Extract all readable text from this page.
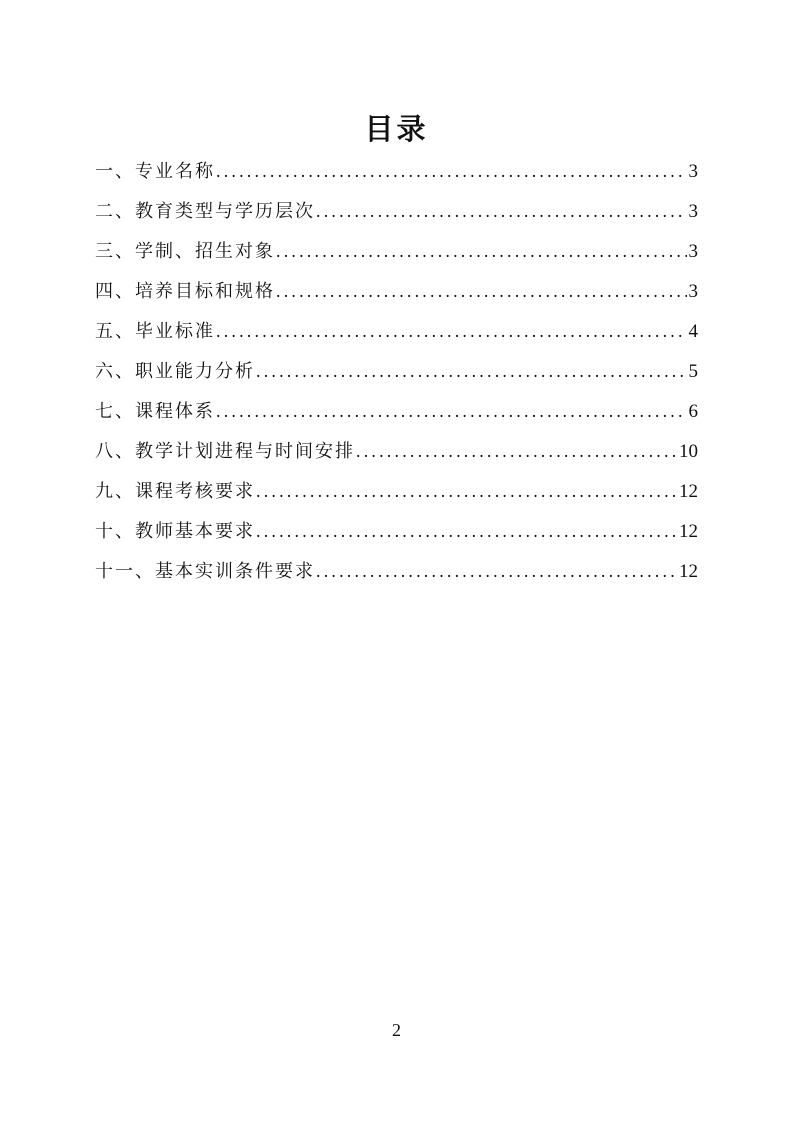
目录
一、专业名称 .....	3
二、教育类型与学历层次 .....	3
三、学制、招生对象 .....	3
四、培养目标和规格 .....	3
五、毕业标准 .....	4
六、职业能力分析 .....	5
七、课程体系 .....	6
八、教学计划进程与时间安排 .....	10
九、课程考核要求 .....	12
十、教师基本要求 .....	12
十一、基本实训条件要求 .....	12
2
